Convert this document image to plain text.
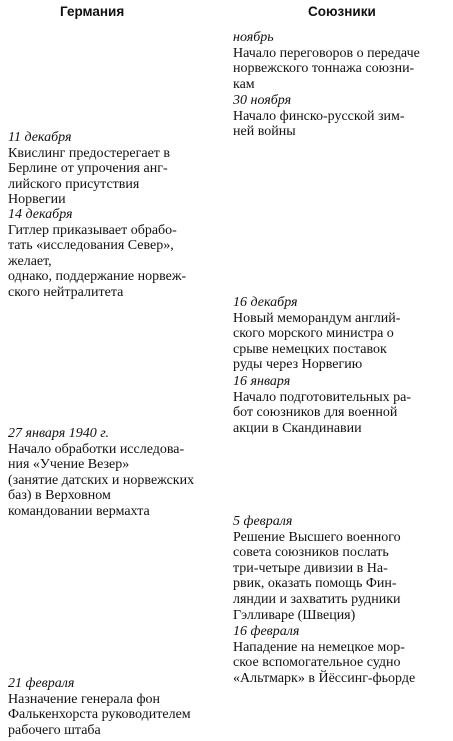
Германия	Союзники
ноябрь
Начало переговоров о передаче
норвежского тоннажа союзни-
кам
30 ноября
Начало финско-русской зим-
ней войны
16 декабря
Новый меморандум англий-
ского морского министра о
срыве немецких поставок
руды через Норвегию
16 января
Начало подготовительных ра-
бот союзников для военной
акции в Скандинавии
5 февраля
Решение Высшего военного
совета союзников послать
три-четыре дивизии в На-
рвик, оказать помощь Фин-
ляндии и захватить рудники
Гэлливаре (Швеция)
16 февраля
Нападение на немецкое мор-
ское вспомогательное судно
«Альтмарк» в Йёссинг-фьорде
11 декабря
Квислинг предостерегает в
Берлине от упрочения анг-
лийского присутствия
Норвегии
14 декабря
Гитлер приказывает обрабо-
тать «исследования Север»,
желает,
однако, поддержание норвеж-
ского нейтралитета
27 января 1940 г.
Начало обработки исследова-
ния «Учение Везер»
(занятие датских и норвежских
баз) в Верховном
командовании вермахта
21 февраля
Назначение генерала фон
Фалькенхорста руководителем
рабочего штаба
